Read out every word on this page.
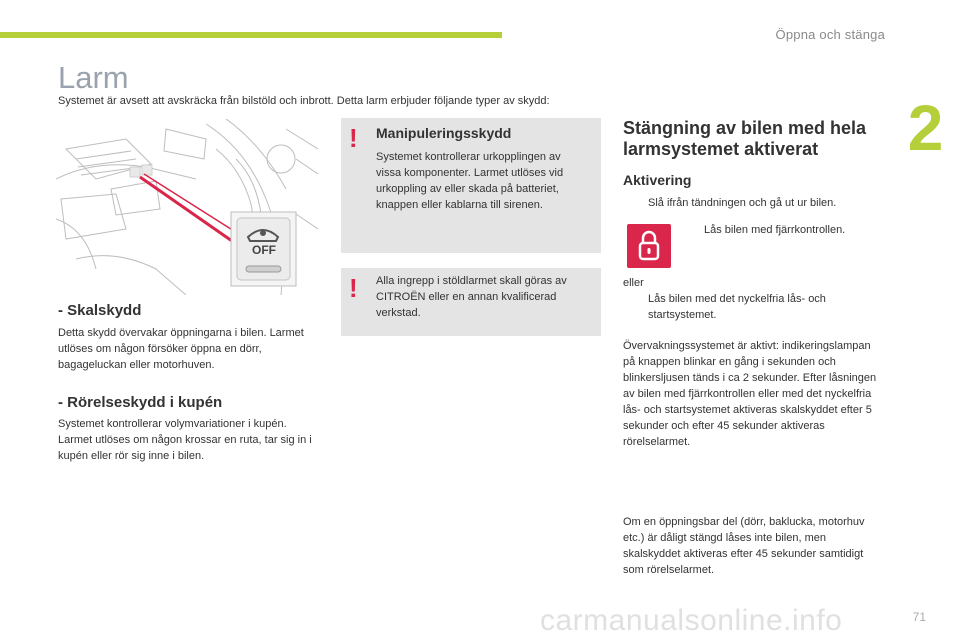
Öppna och stänga
2
Larm
Systemet är avsett att avskräcka från bilstöld och inbrott. Detta larm erbjuder följande typer av skydd:
OFF
- Skalskydd

Detta skydd övervakar öppningarna i bilen. Larmet utlöses om någon försöker öppna en dörr, bagageluckan eller motorhuven.

- Rörelseskydd i kupén

Systemet kontrollerar volymvariationer i kupén. Larmet utlöses om någon krossar en ruta, tar sig in i kupén eller rör sig inne i bilen.

!	Manipuleringsskydd

Systemet kontrollerar urkopplingen av vissa komponenter. Larmet utlöses vid urkoppling av eller skada på batteriet, knappen eller kablarna till sirenen.

!	Alla ingrepp i stöldlarmet skall göras av CITROËN eller en annan kvalificerad verkstad.

Stängning av bilen med hela larmsystemet aktiverat
Aktivering

Slå ifrån tändningen och gå ut ur bilen.

Lås bilen med fjärrkontrollen.

eller

Lås bilen med det nyckelfria lås- och startsystemet.

Övervakningssystemet är aktivt: indikeringslampan på knappen blinkar en gång i sekunden och blinkersljusen tänds i ca 2 sekunder. Efter låsningen av bilen med fjärrkontrollen eller med det nyckelfria lås- och startsystemet aktiveras skalskyddet efter 5 sekunder och efter 45 sekunder aktiveras rörelselarmet.

Om en öppningsbar del (dörr, baklucka, motorhuv etc.) är dåligt stängd låses inte bilen, men skalskyddet aktiveras efter 45 sekunder samtidigt som rörelselarmet.

carmanualsonline.info	71
